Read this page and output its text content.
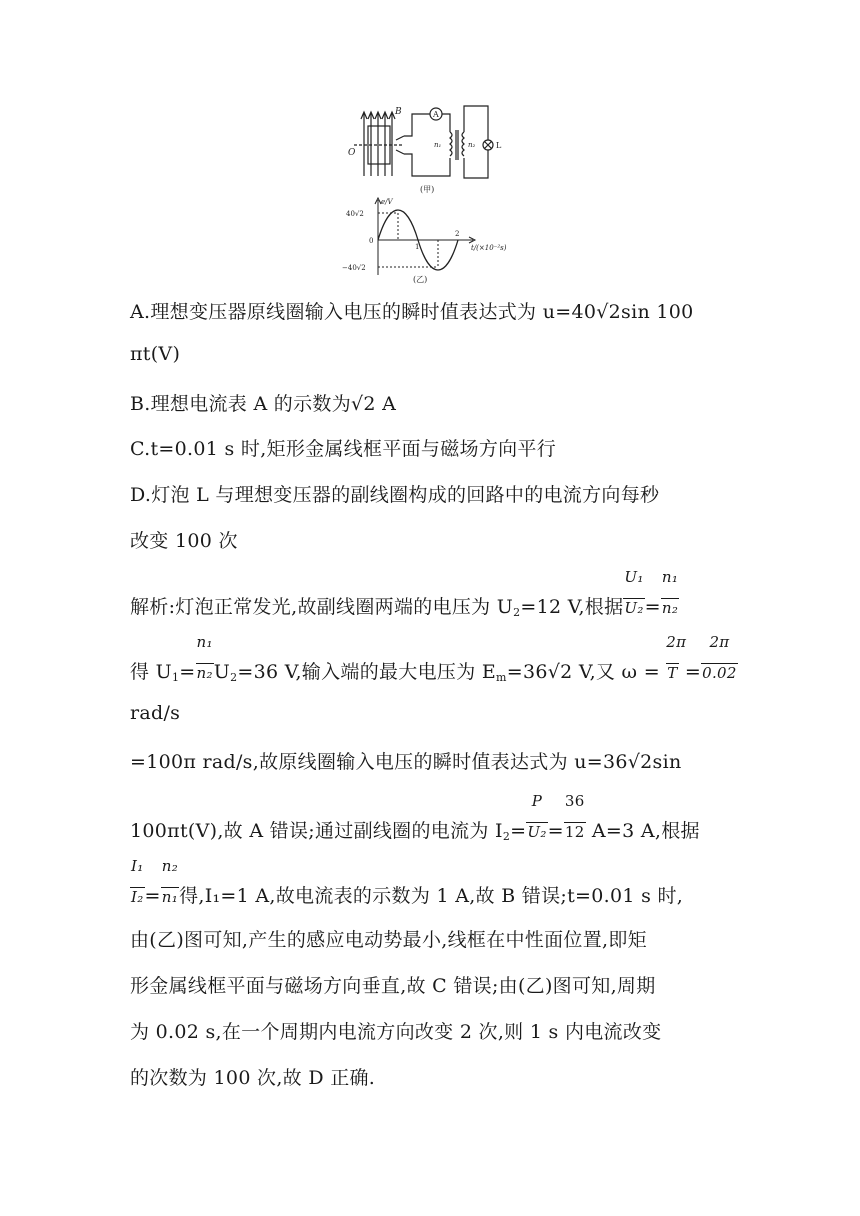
B
O
A
n₁	n₂	L
(甲)
e/V
40√2
0
−40√2
1
2
t/(×10⁻²s)
(乙)
A.理想变压器原线圈输入电压的瞬时值表达式为 u=40√2sin 100
πt(V)
B.理想电流表 A 的示数为√2 A
C.t=0.01 s 时,矩形金属线框平面与磁场方向平行
D.灯泡 L 与理想变压器的副线圈构成的回路中的电流方向每秒
改变 100 次
解析:灯泡正常发光,故副线圈两端的电压为 $U_2=12$ V,根据 $\frac{\text{U₁}}{\text{U₂}}= \frac{\text{n₁}}{\text{n₂}}$
得 $U_1= \frac{\text{n₁}}{\text{n₂}}U_2=36$ V,输入端的最大电压为 $E_m=36√2$ V,又 $\omega = \frac{2\pi}{T} = \frac{2\pi}{0.02}$
rad/s
=100π rad/s,故原线圈输入电压的瞬时值表达式为 u=36√2sin
100πt(V),故 A 错误;通过副线圈的电流为 $I_2= \frac{P}{\text{U₂}}= \frac{36}{12} A=3$ A,根据
$\frac{\text{I₁}}{\text{I₂}}= \frac{\text{n₂}}{\text{n₁}}$得,I₁=1 A,故电流表的示数为 1 A,故 B 错误;t=0.01 s 时,
由(乙)图可知,产生的感应电动势最小,线框在中性面位置,即矩
形金属线框平面与磁场方向垂直,故 C 错误;由(乙)图可知,周期
为 0.02 s,在一个周期内电流方向改变 2 次,则 1 s 内电流改变
的次数为 100 次,故 D 正确.
